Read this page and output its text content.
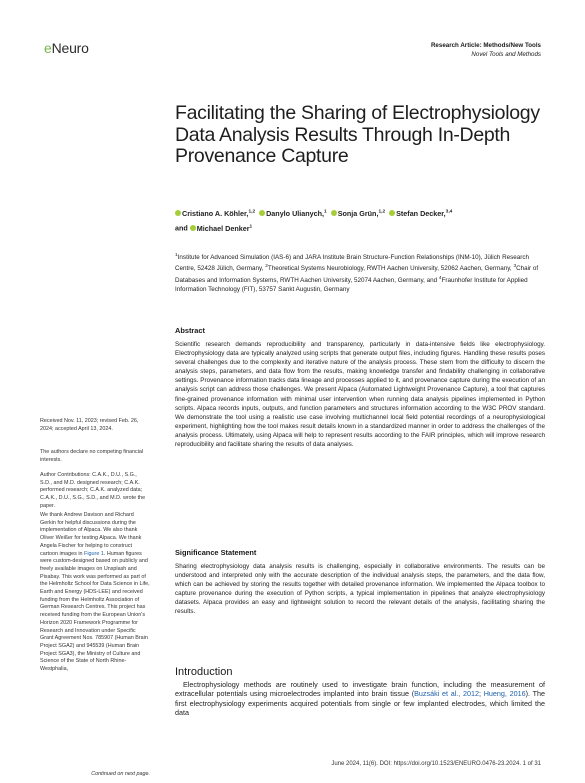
eNeuro	Research Article: Methods/New Tools
Novel Tools and Methods
Facilitating the Sharing of Electrophysiology Data Analysis Results Through In-Depth Provenance Capture
Cristiano A. Köhler,$^{1,2}$ Danylo Ulianych,$^1$ Sonja Grün,$^{1,2}$ Stefan Decker,$^{3,4}$
and Michael Denker$^1$
$^1$Institute for Advanced Simulation (IAS-6) and JARA Institute Brain Structure-Function Relationships (INM-10), Jülich Research Centre, 52428 Jülich, Germany, $^2$Theoretical Systems Neurobiology, RWTH Aachen University, 52062 Aachen, Germany, $^3$Chair of Databases and Information Systems, RWTH Aachen University, 52074 Aachen, Germany, and $^4$Fraunhofer Institute for Applied Information Technology (FIT), 53757 Sankt Augustin, Germany
Abstract
Scientific research demands reproducibility and transparency, particularly in data-intensive fields like electrophysiology. Electrophysiology data are typically analyzed using scripts that generate output files, including figures. Handling these results poses several challenges due to the complexity and iterative nature of the analysis process. These stem from the difficulty to discern the analysis steps, parameters, and data flow from the results, making knowledge transfer and findability challenging in collaborative settings. Provenance information tracks data lineage and processes applied to it, and provenance capture during the execution of an analysis script can address those challenges. We present Alpaca (Automated Lightweight Provenance Capture), a tool that captures fine-grained provenance information with minimal user intervention when running data analysis pipelines implemented in Python scripts. Alpaca records inputs, outputs, and function parameters and structures information according to the W3C PROV standard. We demonstrate the tool using a realistic use case involving multichannel local field potential recordings of a neurophysiological experiment, highlighting how the tool makes result details known in a standardized manner in order to address the challenges of the analysis process. Ultimately, using Alpaca will help to represent results according to the FAIR principles, which will improve research reproducibility and facilitate sharing the results of data analyses.
Significance Statement
Sharing electrophysiology data analysis results is challenging, especially in collaborative environments. The results can be understood and interpreted only with the accurate description of the individual analysis steps, the parameters, and the data flow, which can be achieved by storing the results together with detailed provenance information. We implemented the Alpaca toolbox to capture provenance during the execution of Python scripts, a typical implementation in pipelines that analyze electrophysiology datasets. Alpaca provides an easy and lightweight solution to record the relevant details of the analysis, facilitating sharing the results.
Introduction
Electrophysiology methods are routinely used to investigate brain function, including the measurement of extracellular potentials using microelectrodes implanted into brain tissue (Buzsáki et al., 2012; Hueng, 2016). The first electrophysiology experiments acquired potentials from single or few implanted electrodes, which limited the data
Received Nov. 11, 2023; revised Feb. 26, 2024; accepted April 13, 2024.
The authors declare no competing financial interests.
Author Contributions: C.A.K., D.U., S.G., S.D., and M.D. designed research; C.A.K. performed research; C.A.K. analyzed data; C.A.K., D.U., S.G., S.D., and M.D. wrote the paper.
We thank Andrew Davison and Richard Gerkin for helpful discussions during the implementation of Alpaca. We also thank Oliver Weißer for testing Alpaca. We thank Angela Fischer for helping to construct cartoon images in Figure 1. Human figures were custom-designed based on publicly and freely available images on Unsplash and Pixabay. This work was performed as part of the Helmholtz School for Data Science in Life, Earth and Energy (HDS-LEE) and received funding from the Helmholtz Association of German Research Centres. This project has received funding from the European Union's Horizon 2020 Framework Programme for Research and Innovation under Specific Grant Agreement Nos. 785907 (Human Brain Project SGA2) and 945539 (Human Brain Project SGA3), the Ministry of Culture and Science of the State of North Rhine-Westphalia,
Continued on next page.
June 2024, 11(6). DOI: https://doi.org/10.1523/ENEURO.0476-23.2024. 1 of 31
